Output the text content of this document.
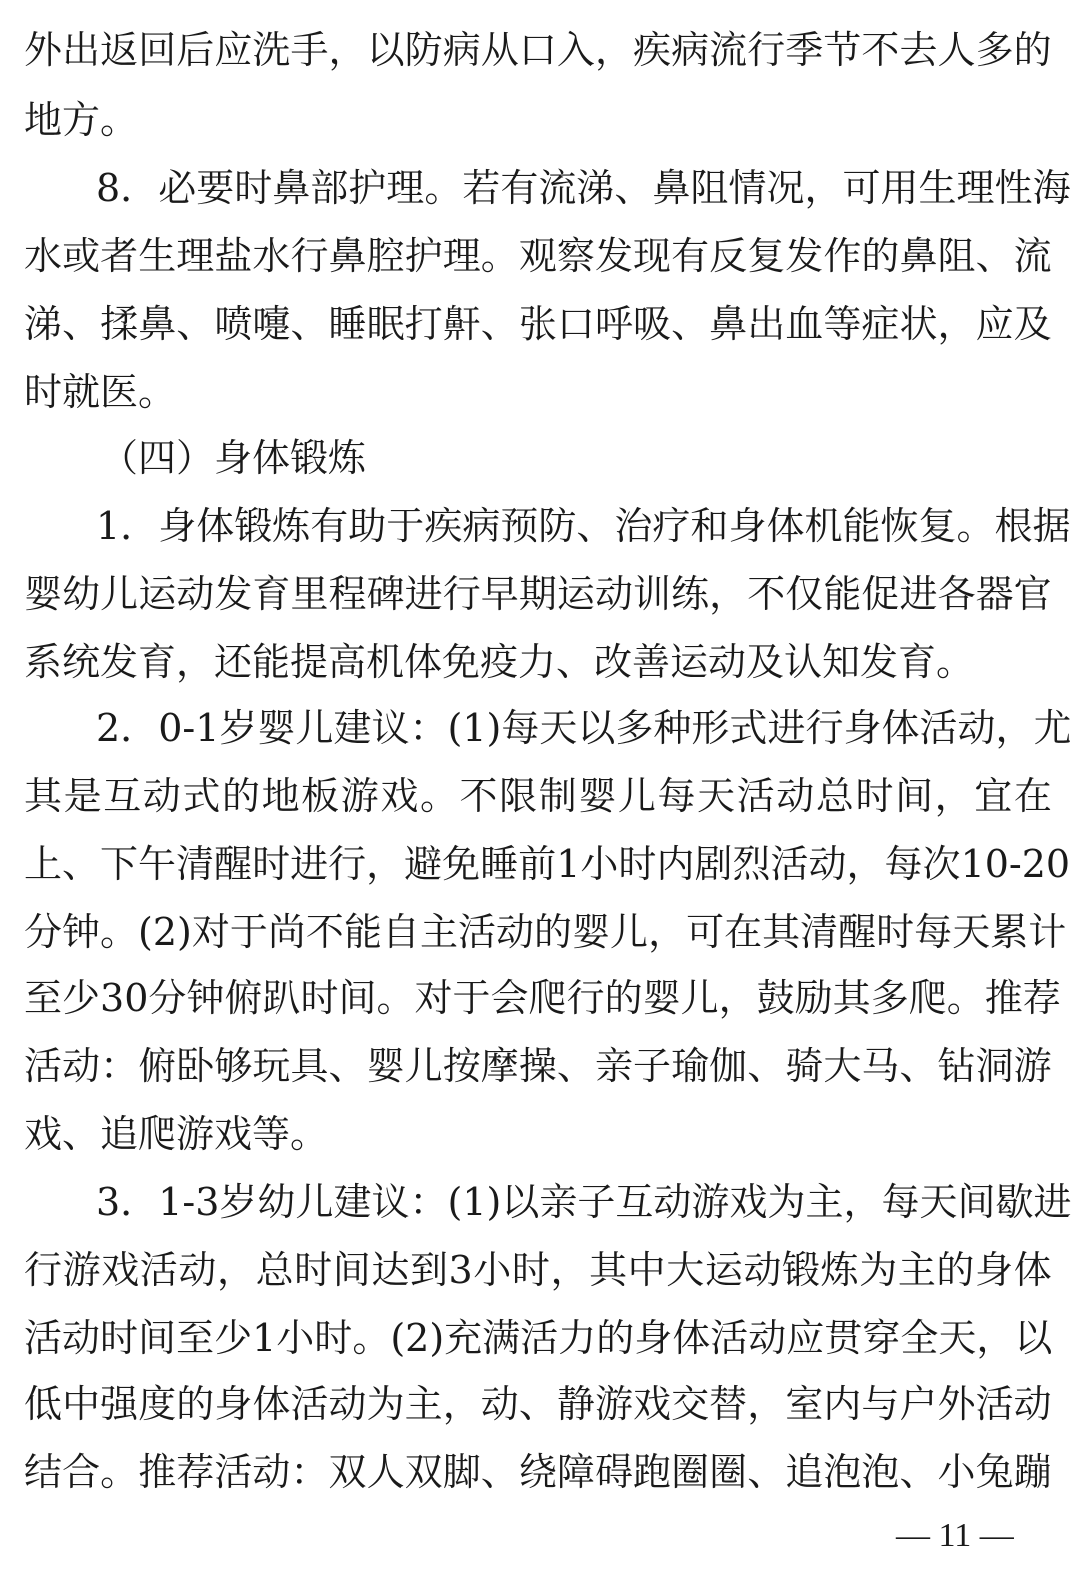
外 出 返 回 后 应 洗 手 ， 以 防 病 从 口 入 ， 疾 病 流 行 季 节 不 去 人 多 的
地方。
8 ． 必 要 时 鼻 部 护 理 。 若 有 流 涕 、 鼻 阻 情 况 ， 可 用 生 理 性 海
水 或 者 生 理 盐 水 行 鼻 腔 护 理 。 观 察 发 现 有 反 复 发 作 的 鼻 阻 、 流
涕 、 揉 鼻 、 喷 嚏 、 睡 眠 打 鼾 、 张 口 呼 吸 、 鼻 出 血 等 症 状 ， 应 及
时就医。
（四）身体锻炼
1 ． 身 体 锻 炼 有 助 于 疾 病 预 防 、 治 疗 和 身 体 机 能 恢 复 。 根 据
婴 幼 儿 运 动 发 育 里 程 碑 进 行 早 期 运 动 训 练 ， 不 仅 能 促 进 各 器 官
系统发育，还能提高机体免疫力、改善运动及认知发育。
2 ． 0-1 岁 婴 儿 建 议 ： (1) 每 天 以 多 种 形 式 进 行 身 体 活 动 ， 尤
其 是 互 动 式 的 地 板 游 戏 。 不 限 制 婴 儿 每 天 活 动 总 时 间 ， 宜 在
上 、 下 午 清 醒 时 进 行 ， 避 免 睡 前 1 小 时 内 剧 烈 活 动 ， 每 次 10-20
分 钟 。 (2) 对 于 尚 不 能 自 主 活 动 的 婴 儿 ， 可 在 其 清 醒 时 每 天 累 计
至 少 30 分 钟 俯 趴 时 间 。 对 于 会 爬 行 的 婴 儿 ， 鼓 励 其 多 爬 。 推 荐
活 动 ： 俯 卧 够 玩 具 、 婴 儿 按 摩 操 、 亲 子 瑜 伽 、 骑 大 马 、 钻 洞 游
戏、追爬游戏等。
3 ． 1-3 岁 幼 儿 建 议 ： (1) 以 亲 子 互 动 游 戏 为 主 ， 每 天 间 歇 进
行 游 戏 活 动 ， 总 时 间 达 到 3 小 时 ， 其 中 大 运 动 锻 炼 为 主 的 身 体
活 动 时 间 至 少 1 小 时 。 (2) 充 满 活 力 的 身 体 活 动 应 贯 穿 全 天 ， 以
低 中 强 度 的 身 体 活 动 为 主 ， 动 、 静 游 戏 交 替 ， 室 内 与 户 外 活 动
结 合 。 推 荐 活 动 ： 双 人 双 脚 、 绕 障 碍 跑 圈 圈 、 追 泡 泡 、 小 兔 蹦
— 11 —
